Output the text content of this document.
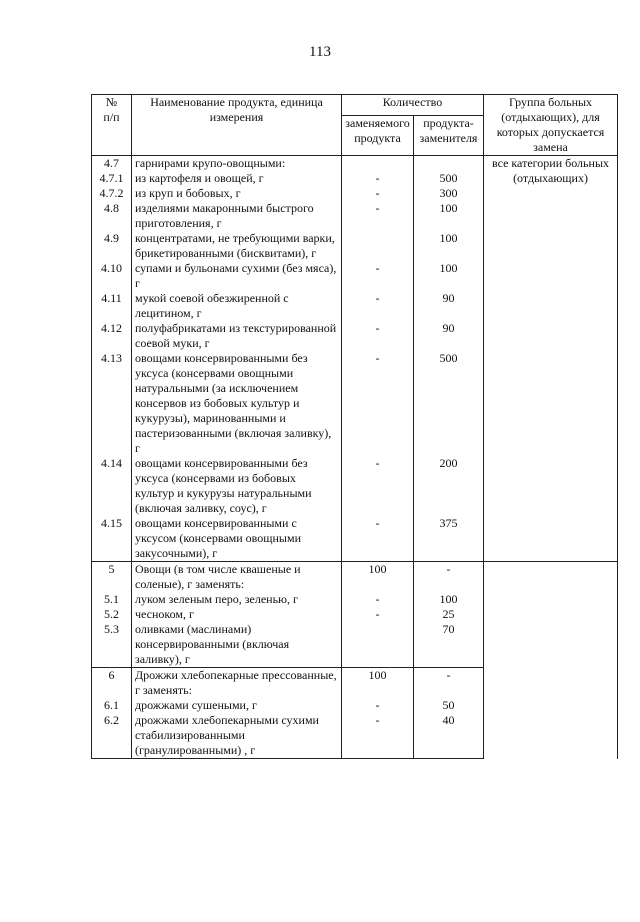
113
№
п/п	Наименование продукта, единица измерения	Количество		Группа больных (отдыхающих), для которых допускается замена
		заменяемого продукта	продукта-заменителя	
4.7	гарнирами крупо-овощными:			все категории больных (отдыхающих)
4.7.1	из картофеля и овощей, г	-	500	
4.7.2	из круп и бобовых, г	-	300	
4.8	изделиями макаронными быстрого приготовления, г	-	100	
4.9	концентратами, не требующими варки, брикетированными (бисквитами), г		100	
4.10	супами и бульонами сухими (без мяса), г	-	100	
4.11	мукой соевой обезжиренной с лецитином, г	-	90	
4.12	полуфабрикатами из текстурированной соевой муки, г	-	90	
4.13	овощами консервированными без уксуса (консервами овощными натуральными (за исключением консервов из бобовых культур и кукурузы), маринованными и пастеризованными (включая заливку), г	-	500	
4.14	овощами консервированными без уксуса (консервами из бобовых культур и кукурузы натуральными (включая заливку, соус), г	-	200	
4.15	овощами консервированными с уксусом (консервами овощными закусочными), г	-	375	
5	Овощи (в том числе квашеные и соленые), г заменять:	100	-	
5.1	луком зеленым перо, зеленью, г	-	100	
5.2	чесноком, г	-	25	
5.3	оливками (маслинами) консервированными (включая заливку), г		70	
6	Дрожжи хлебопекарные прессованные, г заменять:	100	-	
6.1	дрожжами сушеными, г	-	50	
6.2	дрожжами хлебопекарными сухими стабилизированными (гранулированными) , г	-	40	
